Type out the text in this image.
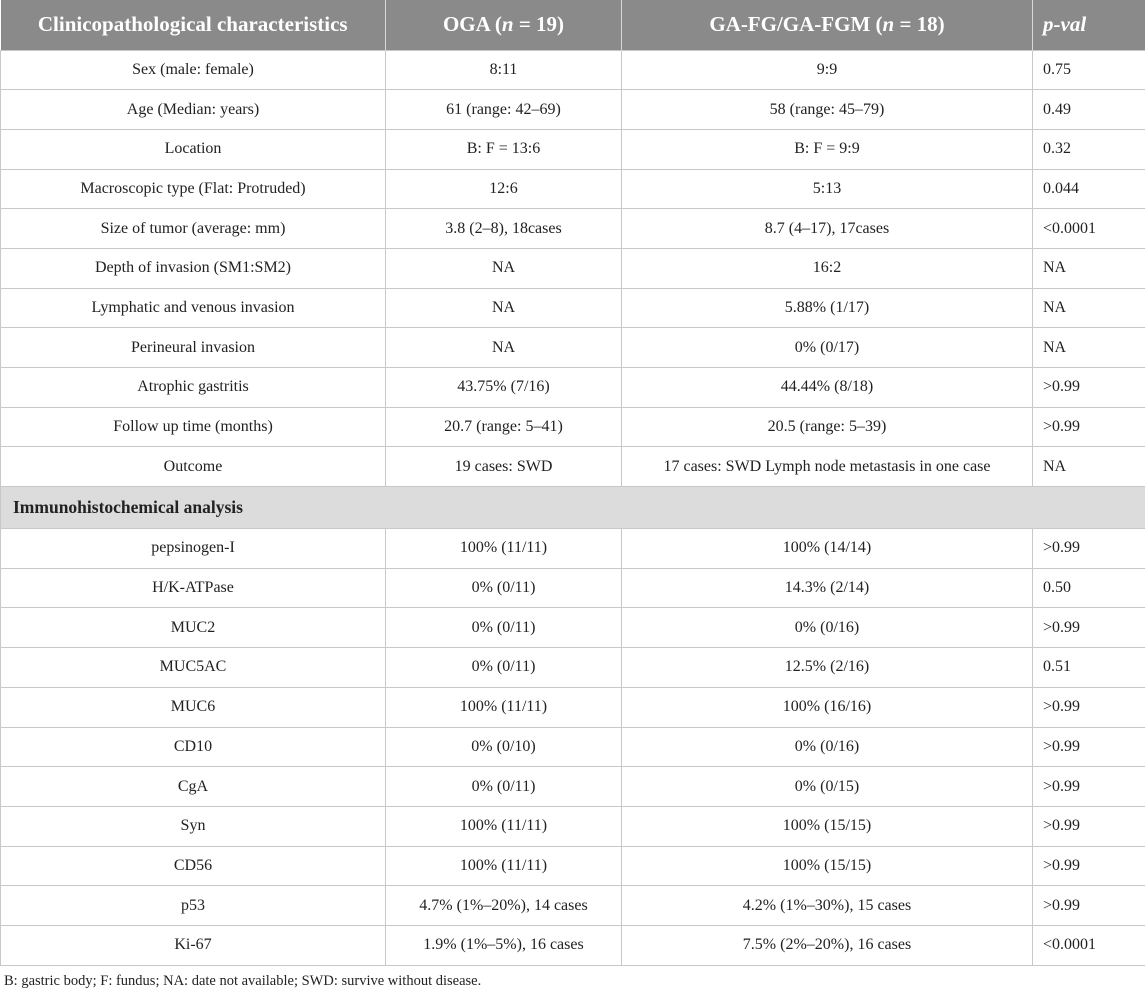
Clinicopathological characteristics	OGA (n = 19)	GA-FG/GA-FGM (n = 18)	p-val
Sex (male: female)	8:11	9:9	0.75
Age (Median: years)	61 (range: 42–69)	58 (range: 45–79)	0.49
Location	B: F = 13:6	B: F = 9:9	0.32
Macroscopic type (Flat: Protruded)	12:6	5:13	0.044
Size of tumor (average: mm)	3.8 (2–8), 18cases	8.7 (4–17), 17cases	<0.0001
Depth of invasion (SM1:SM2)	NA	16:2	NA
Lymphatic and venous invasion	NA	5.88% (1/17)	NA
Perineural invasion	NA	0% (0/17)	NA
Atrophic gastritis	43.75% (7/16)	44.44% (8/18)	>0.99
Follow up time (months)	20.7 (range: 5–41)	20.5 (range: 5–39)	>0.99
Outcome	19 cases: SWD	17 cases: SWD Lymph node metastasis in one case	NA
Immunohistochemical analysis			
pepsinogen-I	100% (11/11)	100% (14/14)	>0.99
H/K-ATPase	0% (0/11)	14.3% (2/14)	0.50
MUC2	0% (0/11)	0% (0/16)	>0.99
MUC5AC	0% (0/11)	12.5% (2/16)	0.51
MUC6	100% (11/11)	100% (16/16)	>0.99
CD10	0% (0/10)	0% (0/16)	>0.99
CgA	0% (0/11)	0% (0/15)	>0.99
Syn	100% (11/11)	100% (15/15)	>0.99
CD56	100% (11/11)	100% (15/15)	>0.99
p53	4.7% (1%–20%), 14 cases	4.2% (1%–30%), 15 cases	>0.99
Ki-67	1.9% (1%–5%), 16 cases	7.5% (2%–20%), 16 cases	<0.0001
B: gastric body; F: fundus; NA: date not available; SWD: survive without disease.
